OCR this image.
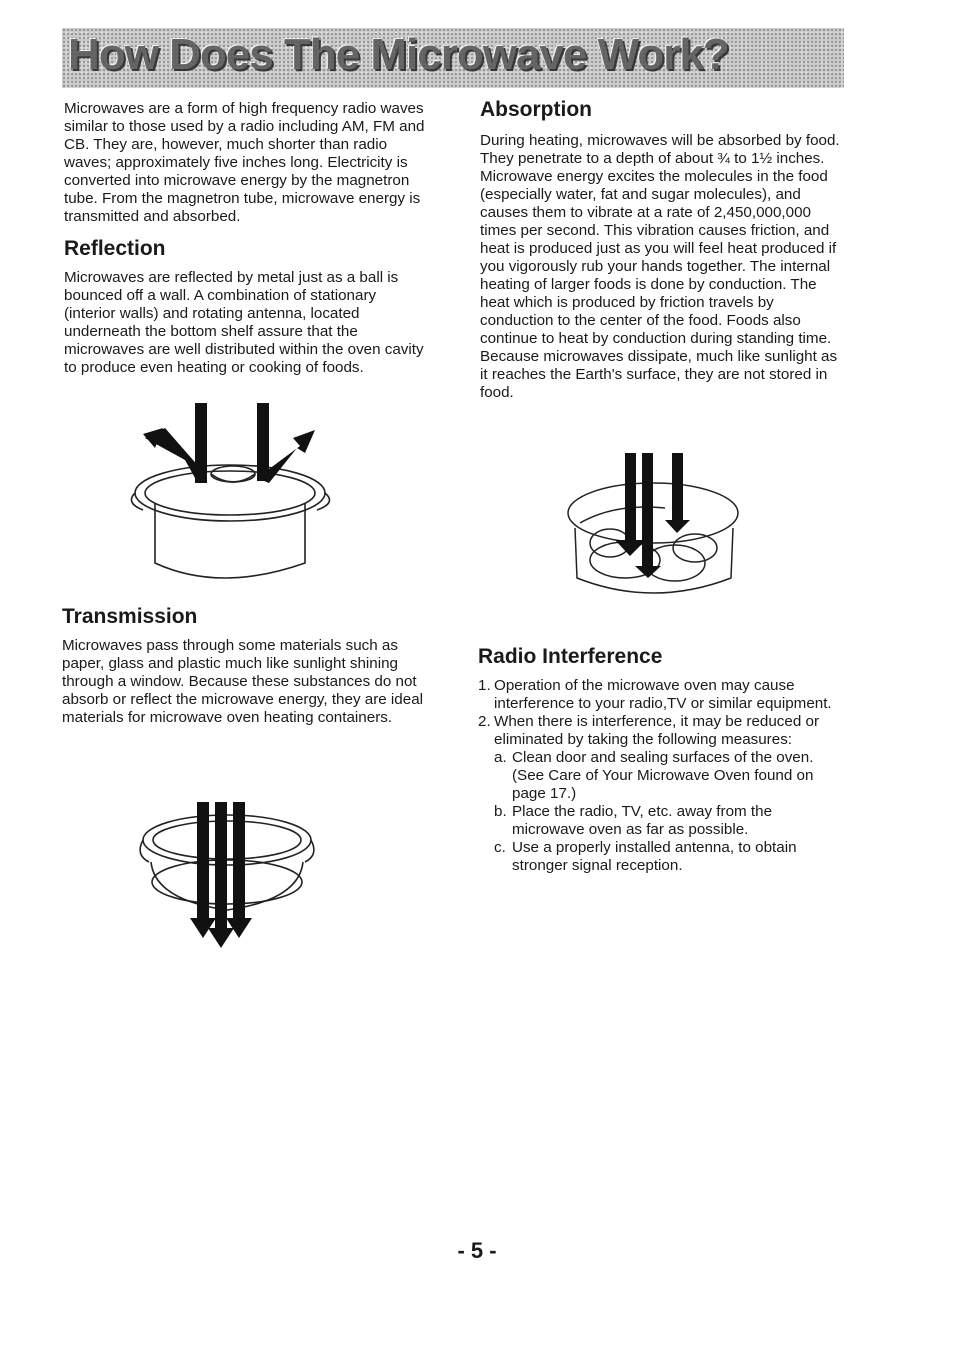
How Does The Microwave Work?

Microwaves are a form of high frequency radio waves similar to those used by a radio including AM, FM and CB. They are, however, much shorter than radio waves; approximately five inches long. Electricity is converted into microwave energy by the magnetron tube. From the magnetron tube, microwave energy is transmitted and absorbed.

Reflection

Microwaves are reflected by metal just as a ball is bounced off a wall. A combination of stationary (interior walls) and rotating antenna, located underneath the bottom shelf assure that the microwaves are well distributed within the oven cavity to produce even heating or cooking of foods.

Transmission

Microwaves pass through some materials such as paper, glass and plastic much like sunlight shining through a window. Because these substances do not absorb or reflect the microwave energy, they are ideal materials for microwave oven heating containers.

Absorption

During heating, microwaves will be absorbed by food. They penetrate to a depth of about ¾ to 1½ inches. Microwave energy excites the molecules in the food (especially water, fat and sugar molecules), and causes them to vibrate at a rate of 2,450,000,000 times per second. This vibration causes friction, and heat is produced just as you will feel heat produced if you vigorously rub your hands together. The internal heating of larger foods is done by conduction. The heat which is produced by friction travels by conduction to the center of the food. Foods also continue to heat by conduction during standing time.

Because microwaves dissipate, much like sunlight as it reaches the Earth's surface, they are not stored in food.

Radio Interference
1. Operation of the microwave oven may cause interference to your radio,TV or similar equipment.
2. When there is interference, it may be reduced or eliminated by taking the following measures:
a. Clean door and sealing surfaces of the oven. (See Care of Your Microwave Oven found on page 17.)
b. Place the radio, TV, etc. away from the microwave oven as far as possible.
c. Use a properly installed antenna, to obtain stronger signal reception.
- 5 -
